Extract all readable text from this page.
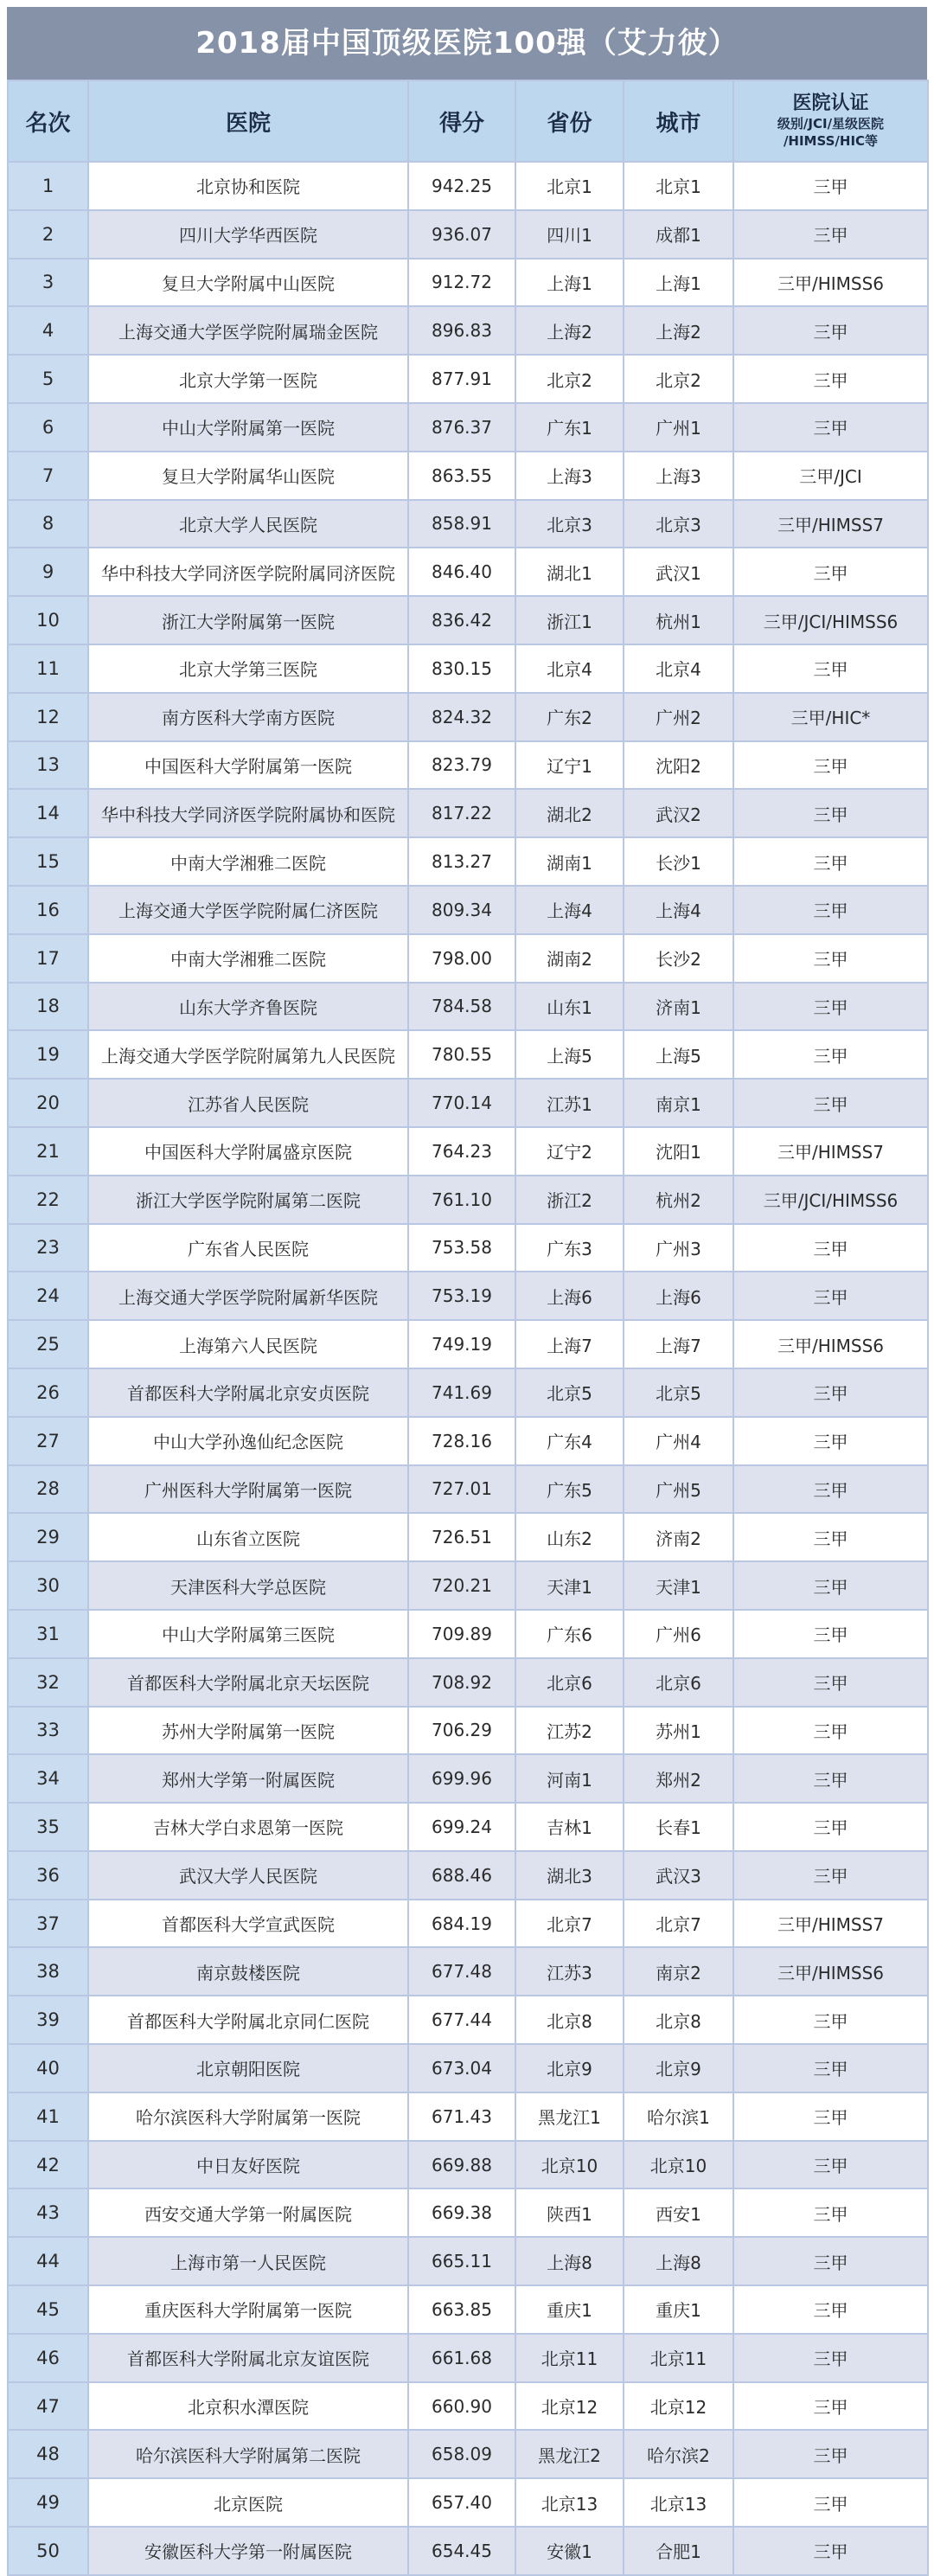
2018届中国顶级医院100强（艾力彼）
名次	医院	得分	省份	城市	医院认证
级别/JCI/星级医院
/HIMSS/HIC等

1	北京协和医院	942.25	北京1	北京1	三甲
2	四川大学华西医院	936.07	四川1	成都1	三甲
3	复旦大学附属中山医院	912.72	上海1	上海1	三甲/HIMSS6
4	上海交通大学医学院附属瑞金医院	896.83	上海2	上海2	三甲
5	北京大学第一医院	877.91	北京2	北京2	三甲
6	中山大学附属第一医院	876.37	广东1	广州1	三甲
7	复旦大学附属华山医院	863.55	上海3	上海3	三甲/JCI
8	北京大学人民医院	858.91	北京3	北京3	三甲/HIMSS7
9	华中科技大学同济医学院附属同济医院	846.40	湖北1	武汉1	三甲
10	浙江大学附属第一医院	836.42	浙江1	杭州1	三甲/JCI/HIMSS6
11	北京大学第三医院	830.15	北京4	北京4	三甲
12	南方医科大学南方医院	824.32	广东2	广州2	三甲/HIC*
13	中国医科大学附属第一医院	823.79	辽宁1	沈阳2	三甲
14	华中科技大学同济医学院附属协和医院	817.22	湖北2	武汉2	三甲
15	中南大学湘雅二医院	813.27	湖南1	长沙1	三甲
16	上海交通大学医学院附属仁济医院	809.34	上海4	上海4	三甲
17	中南大学湘雅二医院	798.00	湖南2	长沙2	三甲
18	山东大学齐鲁医院	784.58	山东1	济南1	三甲
19	上海交通大学医学院附属第九人民医院	780.55	上海5	上海5	三甲
20	江苏省人民医院	770.14	江苏1	南京1	三甲
21	中国医科大学附属盛京医院	764.23	辽宁2	沈阳1	三甲/HIMSS7
22	浙江大学医学院附属第二医院	761.10	浙江2	杭州2	三甲/JCI/HIMSS6
23	广东省人民医院	753.58	广东3	广州3	三甲
24	上海交通大学医学院附属新华医院	753.19	上海6	上海6	三甲
25	上海第六人民医院	749.19	上海7	上海7	三甲/HIMSS6
26	首都医科大学附属北京安贞医院	741.69	北京5	北京5	三甲
27	中山大学孙逸仙纪念医院	728.16	广东4	广州4	三甲
28	广州医科大学附属第一医院	727.01	广东5	广州5	三甲
29	山东省立医院	726.51	山东2	济南2	三甲
30	天津医科大学总医院	720.21	天津1	天津1	三甲
31	中山大学附属第三医院	709.89	广东6	广州6	三甲
32	首都医科大学附属北京天坛医院	708.92	北京6	北京6	三甲
33	苏州大学附属第一医院	706.29	江苏2	苏州1	三甲
34	郑州大学第一附属医院	699.96	河南1	郑州2	三甲
35	吉林大学白求恩第一医院	699.24	吉林1	长春1	三甲
36	武汉大学人民医院	688.46	湖北3	武汉3	三甲
37	首都医科大学宣武医院	684.19	北京7	北京7	三甲/HIMSS7
38	南京鼓楼医院	677.48	江苏3	南京2	三甲/HIMSS6
39	首都医科大学附属北京同仁医院	677.44	北京8	北京8	三甲
40	北京朝阳医院	673.04	北京9	北京9	三甲
41	哈尔滨医科大学附属第一医院	671.43	黑龙江1	哈尔滨1	三甲
42	中日友好医院	669.88	北京10	北京10	三甲
43	西安交通大学第一附属医院	669.38	陕西1	西安1	三甲
44	上海市第一人民医院	665.11	上海8	上海8	三甲
45	重庆医科大学附属第一医院	663.85	重庆1	重庆1	三甲
46	首都医科大学附属北京友谊医院	661.68	北京11	北京11	三甲
47	北京积水潭医院	660.90	北京12	北京12	三甲
48	哈尔滨医科大学附属第二医院	658.09	黑龙江2	哈尔滨2	三甲
49	北京医院	657.40	北京13	北京13	三甲
50	安徽医科大学第一附属医院	654.45	安徽1	合肥1	三甲
